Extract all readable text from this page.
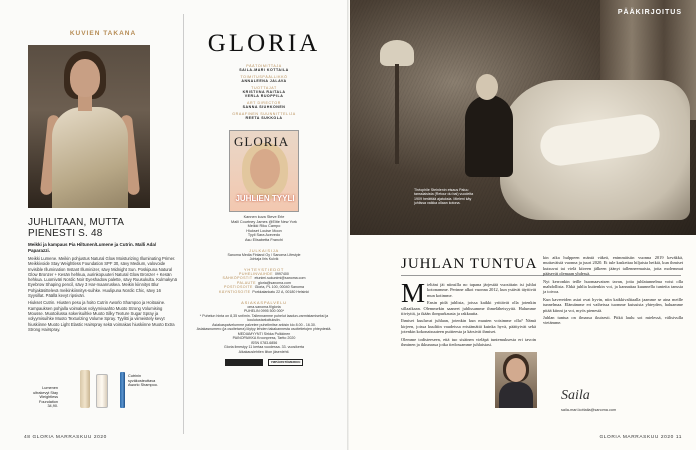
KUVIEN TAKANA
JUHLITAAN, MUTTA
PIENESTI S. 48
Meikki ja kampaus Pia Hiltunen/Lumene ja Cutrin. Malli Ada/ Paparazzi.

Meikki Lumene. Meikin pohjustus Natural Glow Moisturizing Illuminating Primer. Meikkivoide Stay Weightless Foundation SPF 30, sävy Medium, valovoide Invisible Illumination Instant Illuminizer, sävy Midnight Sun. Poskipuna Natural Glow Bronzer + Kesän hehkua, aurinkopuuteri Natural Glow Bronzer + Kesän hehkua. Luomiväri Nordic Noir Eyeshadow palette, sävy Ruusukulta. Kulmakynä Eyebrow Shaping pencil, sävy 3 Har-maanruskea. Meikin kiinnitys Blur Pohjakäsittelevä meikinkiinnitys-suihke. Huulipuna Nordic Chic, sävy 16 Syysillat. Päällä kevyt ripsiväri.

Hiukset Cutrin. Hiusten pesu ja hoito Cutrin Aworlo Shampoo ja Hoitoaine. Kampauksen pohjalla voimakas volyymivaahto Muoto Strong Volumising Mousse. Muotoilussa sokerisuihke Muoto Silky Texture Sugar Spray ja volyymisuihke Muoto Texturizing Volume Spray. Tyylitti ja viimeistely kevyt hiuskiinne Muoto Light Elastic Hairspray sekä voimakas hiuskiinne Muoto Extra Strong Hairspray.

Lumenen ultrakevyt Stay Weightless Foundation 34,90.
Cutrinin syväkosteuttava Aworlo Shampoo.
GLORIA
PÄÄTOIMITTAJA
SAILA-MARI KOTTAILA
TOIMITUSPÄÄLLIKKÖ
ANNALEENA JALAVA
TUOTTAJAT
KRISTIINA RAITALA
VERLA RUOPPILA
ART DIRECTOR
SANNA SIUHKONEN
GRAAFINEN SUUNNITTELIJA
REETA SUKKOLA
GLORIA
JUHLIEN TYYLI
Kannen kuva Steve Erle
Malli Courtney James @Elite New York
Meikki Riku Campo
Hiukset Louise Moon
Tyyli Sara Acevedo
Asu Elisabetta Franchi
JULKAISIJA
Sanoma Media Finland Oy / Sanoma Lifestyle
Johtaja Iiris Kulvik
YHTEYSTIEDOT
PUHELINVAIHDE 0997400
SÄHKÖPOSTIT etunimi.sukunimi@sanoma.com
PALAUTE gloria@sanoma.com
POSTIOSOITE Gloria, PL 100, 00040 Sanoma
KÄYNTIOSOITE Porkkalankatu 22 A, 00180 Helsinki
ASIAKASPALVELU
oma.sanoma.fi/gloria
PUHELIN 0995 500 000*
* Puhelun hinta on 8,35 snt/min. Tallennamme puhelut laadun-varmistamiseksi ja koulutustarkoituksiin.
Asiakaspalvelumme palvelee puhelimitse arkisin klo 8.00 - 16.30.
Asiakasnumero (ja osoitetarra) löytyy lehden takakannesta osoitetietojen yhteydestä.
MEDIAMYYNTI Sirkka Pulkkinen
PAINOPAIKKA Kroonpress, Tartto 2020
ISSN 0783-6856
Gloria ilmestyy 11 kertaa vuodessa. 33. vuosikerta
Aikakauslehtien liiton jäsenlehti.
YMPÄRISTÖMERKKI
48 GLORIA MARRASKUU 2020
PÄÄKIRJOITUS
Théophile Steinlenin etsaus Paluu tanssiaisista (Retour du bal) vuodelta 1909 herättää ajatuksia. Mieleni käy juhlissa vaikka ollaan kotona.
JUHLAN TUNTUA
M ieltäni jäi niinsilla no tapana järjestää vuosittain isi juhlat kotonamme. Perinne alkoi vuonna 2012, kun ystävät täyttivät mun kotimme.

Ensin pidä juhlista, joissa kaikki yrittävät olla jotenkin sillaaikaan. Olemmekin saaneet juhlissamme ihmeläheisyyttä. Halumme tiiviyttä, ja ikään ilonpurkausta ja rakkautta.

Ihmiset kuuluvat juhlaan, jotenkin kun muuten voisimme olla? Nämä kirjeen, joissa kuultiin vaudeissa eristämättä kuinka hyvä, päättyivät sekä jotenkin kokonaisuuteen puitteesta ja kärsivät ihmiset.

Olemme todisteeseen, että tuo sisäinen vieläpä tuntemuksesta eri tavoin ihminen ja ikkunassa jotka tiedossamme juhlaistasi.

kin aika hulppeen mäntä väkeä, enimmäisiin vuonna 2019 keväkkä, muttaväistä vuonna ja juuri 2020. Ei tule kaskettaa hiljaista hetkiä, kun ihmiset kutsuvat tai vielä kiireen jälkeen jäänyt tallenneemaista, jotta molemmat pääsevät olemaan yhdessä.

Nyt kerronkin teille huomaavaisen tavan, jotta juhlatunnelma voisi olla mahdollista. Ehkä juhlia kuitenkin voi, ja kannattaa kuunnella tunteita tanssia ja toivoa.

Kun kavereiden asiat ovat hyvin, niin kaikkivaltiaalla jaamme se aina meille tunnelmaa. Elämämme eri vaiheissa tuomme kutsuista yhteyden, haluamme pitää kiinni ja voi, myös pienestä.

Juhlan tuntua on ilmassa ikuisesti. Pitkä laulu soi mielessä, välisivulla vietämme.

Saila
saila-mari.kottaila@sanoma.com
GLORIA MARRASKUU 2020 11
